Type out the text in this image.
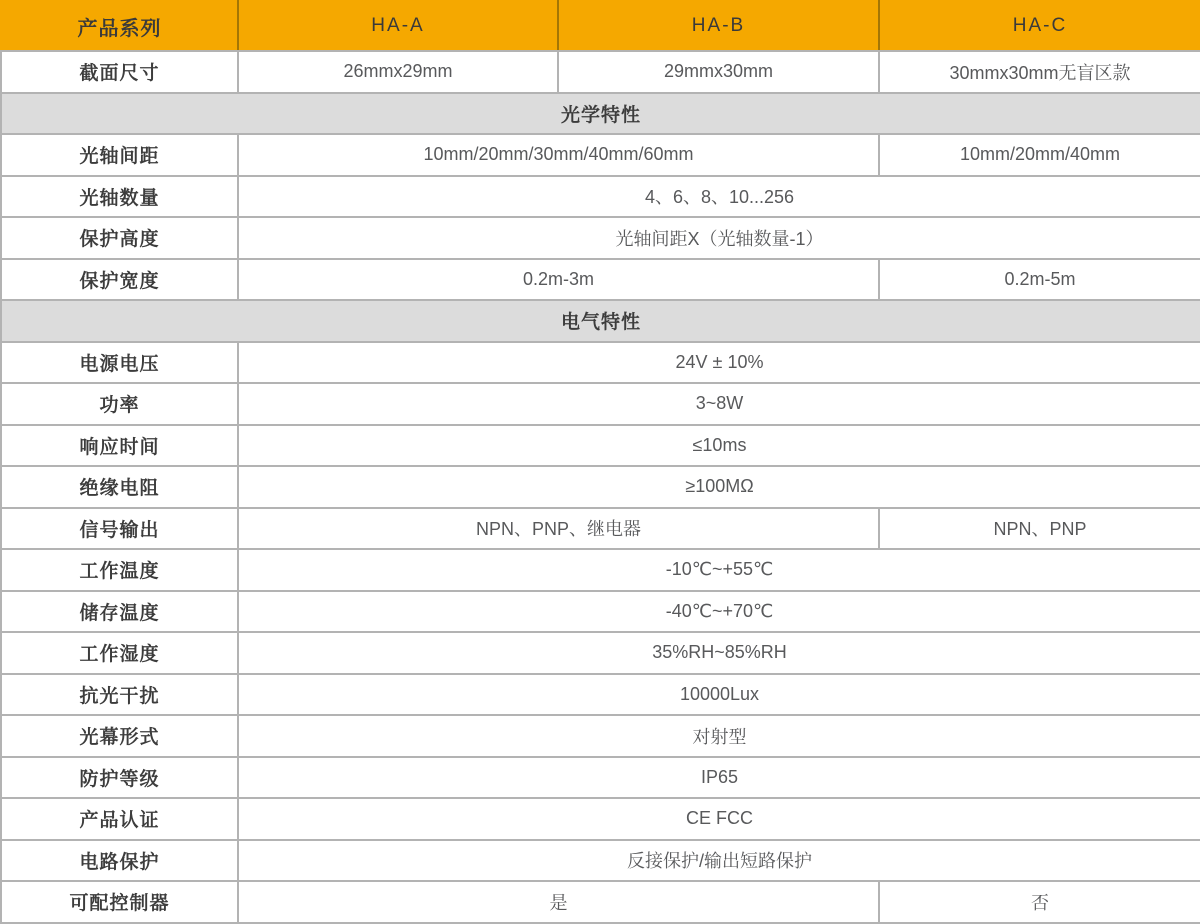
产品系列	HA-A	HA-B	HA-C
截面尺寸	26mmx29mm	29mmx30mm	30mmx30mm无盲区款
光学特性			
光轴间距	10mm/20mm/30mm/40mm/60mm		10mm/20mm/40mm
光轴数量	4、6、8、10...256		
保护高度	光轴间距X（光轴数量-1）		
保护宽度	0.2m-3m		0.2m-5m
电气特性			
电源电压	24V ± 10%		
功率	3~8W		
响应时间	≤10ms		
绝缘电阻	≥100MΩ		
信号输出	NPN、PNP、继电器		NPN、PNP
工作温度	-10℃~+55℃		
储存温度	-40℃~+70℃		
工作湿度	35%RH~85%RH		
抗光干扰	10000Lux		
光幕形式	对射型		
防护等级	IP65		
产品认证	CE FCC		
电路保护	反接保护/输出短路保护		
可配控制器	是		否
